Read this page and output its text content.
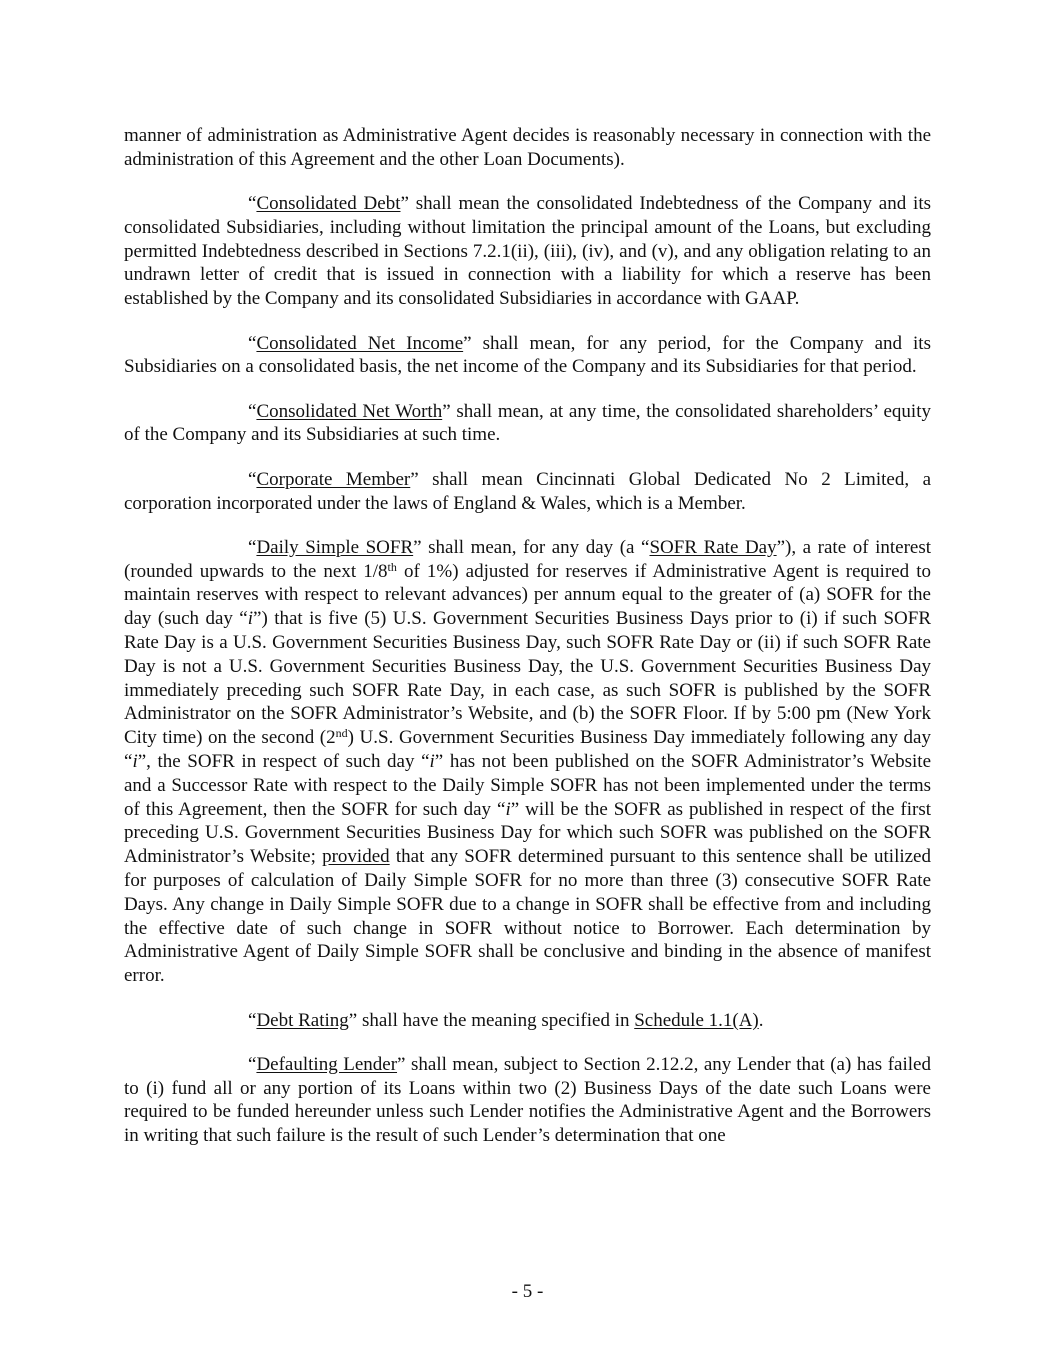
manner of administration as Administrative Agent decides is reasonably necessary in connection with the administration of this Agreement and the other Loan Documents).

“Consolidated Debt” shall mean the consolidated Indebtedness of the Company and its consolidated Subsidiaries, including without limitation the principal amount of the Loans, but excluding permitted Indebtedness described in Sections 7.2.1(ii), (iii), (iv), and (v), and any obligation relating to an undrawn letter of credit that is issued in connection with a liability for which a reserve has been established by the Company and its consolidated Subsidiaries in accordance with GAAP.

“Consolidated Net Income” shall mean, for any period, for the Company and its Subsidiaries on a consolidated basis, the net income of the Company and its Subsidiaries for that period.

“Consolidated Net Worth” shall mean, at any time, the consolidated shareholders’ equity of the Company and its Subsidiaries at such time.

“Corporate Member” shall mean Cincinnati Global Dedicated No 2 Limited, a corporation incorporated under the laws of England & Wales, which is a Member.

“Daily Simple SOFR” shall mean, for any day (a “SOFR Rate Day”), a rate of interest (rounded upwards to the next 1/8th of 1%) adjusted for reserves if Administrative Agent is required to maintain reserves with respect to relevant advances) per annum equal to the greater of (a) SOFR for the day (such day “i”) that is five (5) U.S. Government Securities Business Days prior to (i) if such SOFR Rate Day is a U.S. Government Securities Business Day, such SOFR Rate Day or (ii) if such SOFR Rate Day is not a U.S. Government Securities Business Day, the U.S. Government Securities Business Day immediately preceding such SOFR Rate Day, in each case, as such SOFR is published by the SOFR Administrator on the SOFR Administrator’s Website, and (b) the SOFR Floor. If by 5:00 pm (New York City time) on the second (2nd) U.S. Government Securities Business Day immediately following any day “i”, the SOFR in respect of such day “i” has not been published on the SOFR Administrator’s Website and a Successor Rate with respect to the Daily Simple SOFR has not been implemented under the terms of this Agreement, then the SOFR for such day “i” will be the SOFR as published in respect of the first preceding U.S. Government Securities Business Day for which such SOFR was published on the SOFR Administrator’s Website; provided that any SOFR determined pursuant to this sentence shall be utilized for purposes of calculation of Daily Simple SOFR for no more than three (3) consecutive SOFR Rate Days. Any change in Daily Simple SOFR due to a change in SOFR shall be effective from and including the effective date of such change in SOFR without notice to Borrower. Each determination by Administrative Agent of Daily Simple SOFR shall be conclusive and binding in the absence of manifest error.

“Debt Rating” shall have the meaning specified in Schedule 1.1(A).

“Defaulting Lender” shall mean, subject to Section 2.12.2, any Lender that (a) has failed to (i) fund all or any portion of its Loans within two (2) Business Days of the date such Loans were required to be funded hereunder unless such Lender notifies the Administrative Agent and the Borrowers in writing that such failure is the result of such Lender’s determination that one

- 5 -
